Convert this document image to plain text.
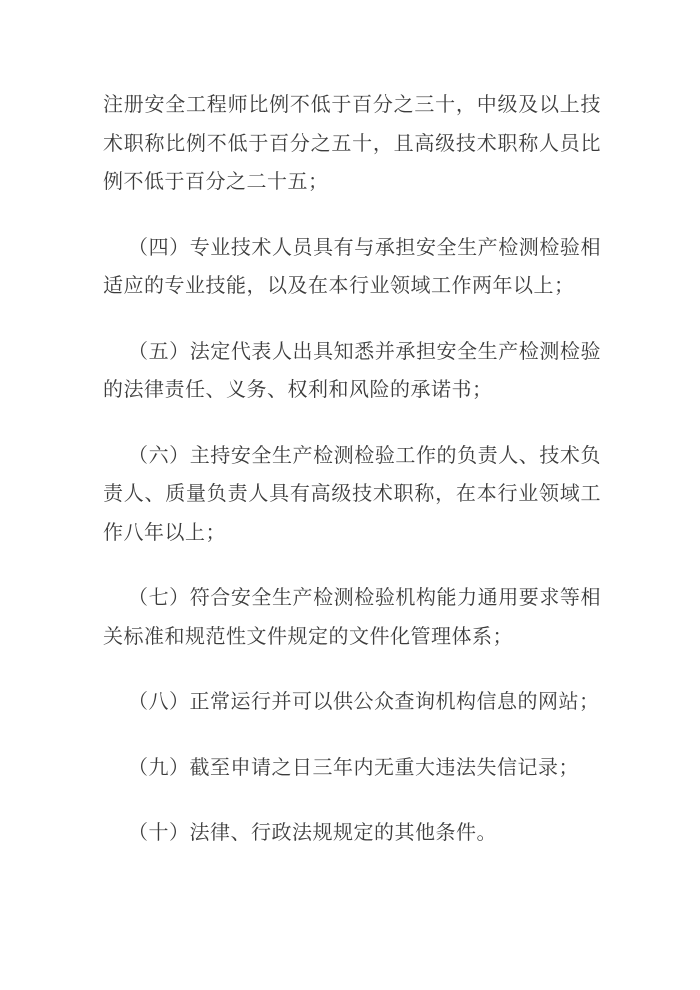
注册安全工程师比例不低于百分之三十，中级及以上技术职称比例不低于百分之五十，且高级技术职称人员比例不低于百分之二十五；

（四）专业技术人员具有与承担安全生产检测检验相适应的专业技能，以及在本行业领域工作两年以上；

（五）法定代表人出具知悉并承担安全生产检测检验的法律责任、义务、权利和风险的承诺书；

（六）主持安全生产检测检验工作的负责人、技术负责人、质量负责人具有高级技术职称，在本行业领域工作八年以上；

（七）符合安全生产检测检验机构能力通用要求等相关标准和规范性文件规定的文件化管理体系；

（八）正常运行并可以供公众查询机构信息的网站；

（九）截至申请之日三年内无重大违法失信记录；

（十）法律、行政法规规定的其他条件。
